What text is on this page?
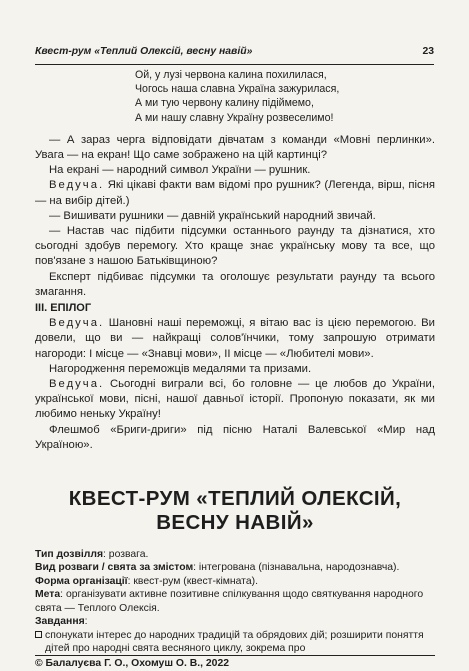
Квест-рум «Теплий Олексій, весну навій»	23
Ой, у лузі червона калина похилилася,
Чогось наша славна Україна зажурилася,
А ми тую червону калину підіймемо,
А ми нашу славну Україну розвеселимо!

— А зараз черга відповідати дівчатам з команди «Мовні перлинки». Увага — на екран! Що саме зображено на цій картинці?

На екрані — народний символ України — рушник.

Ведуча. Які цікаві факти вам відомі про рушник? (Легенда, вірш, пісня — на вибір дітей.)

— Вишивати рушники — давній український народний звичай.

— Настав час підбити підсумки останнього раунду та дізнатися, хто сьогодні здобув перемогу. Хто краще знає українську мову та все, що пов'язане з нашою Батьківщиною?

Експерт підбиває підсумки та оголошує результати раунду та всього змагання.

III. ЕПІЛОГ

Ведуча. Шановні наші переможці, я вітаю вас із цією перемогою. Ви довели, що ви — найкращі солов'їнчики, тому запрошую отримати нагороди: І місце — «Знавці мови», ІІ місце — «Любителі мови».

Нагородження переможців медалями та призами.

Ведуча. Сьогодні виграли всі, бо головне — це любов до України, української мови, пісні, нашої давньої історії. Пропоную показати, як ми любимо неньку Україну!

Флешмоб «Бриги-дриги» під пісню Наталі Валевської «Мир над Україною».

КВЕСТ-РУМ «ТЕПЛИЙ ОЛЕКСІЙ,
ВЕСНУ НАВІЙ»

Тип дозвілля: розвага.

Вид розваги / свята за змістом: інтегрована (пізнавальна, народознавча).

Форма організації: квест-рум (квест-кімната).

Мета: організувати активне позитивне спілкування щодо святкування народного свята — Теплого Олексія.

Завдання:

спонукати інтерес до народних традицій та обрядових дій; розширити поняття дітей про народні свята весняного циклу, зокрема про
© Балалуєва Г. О., Охомуш О. В., 2022
